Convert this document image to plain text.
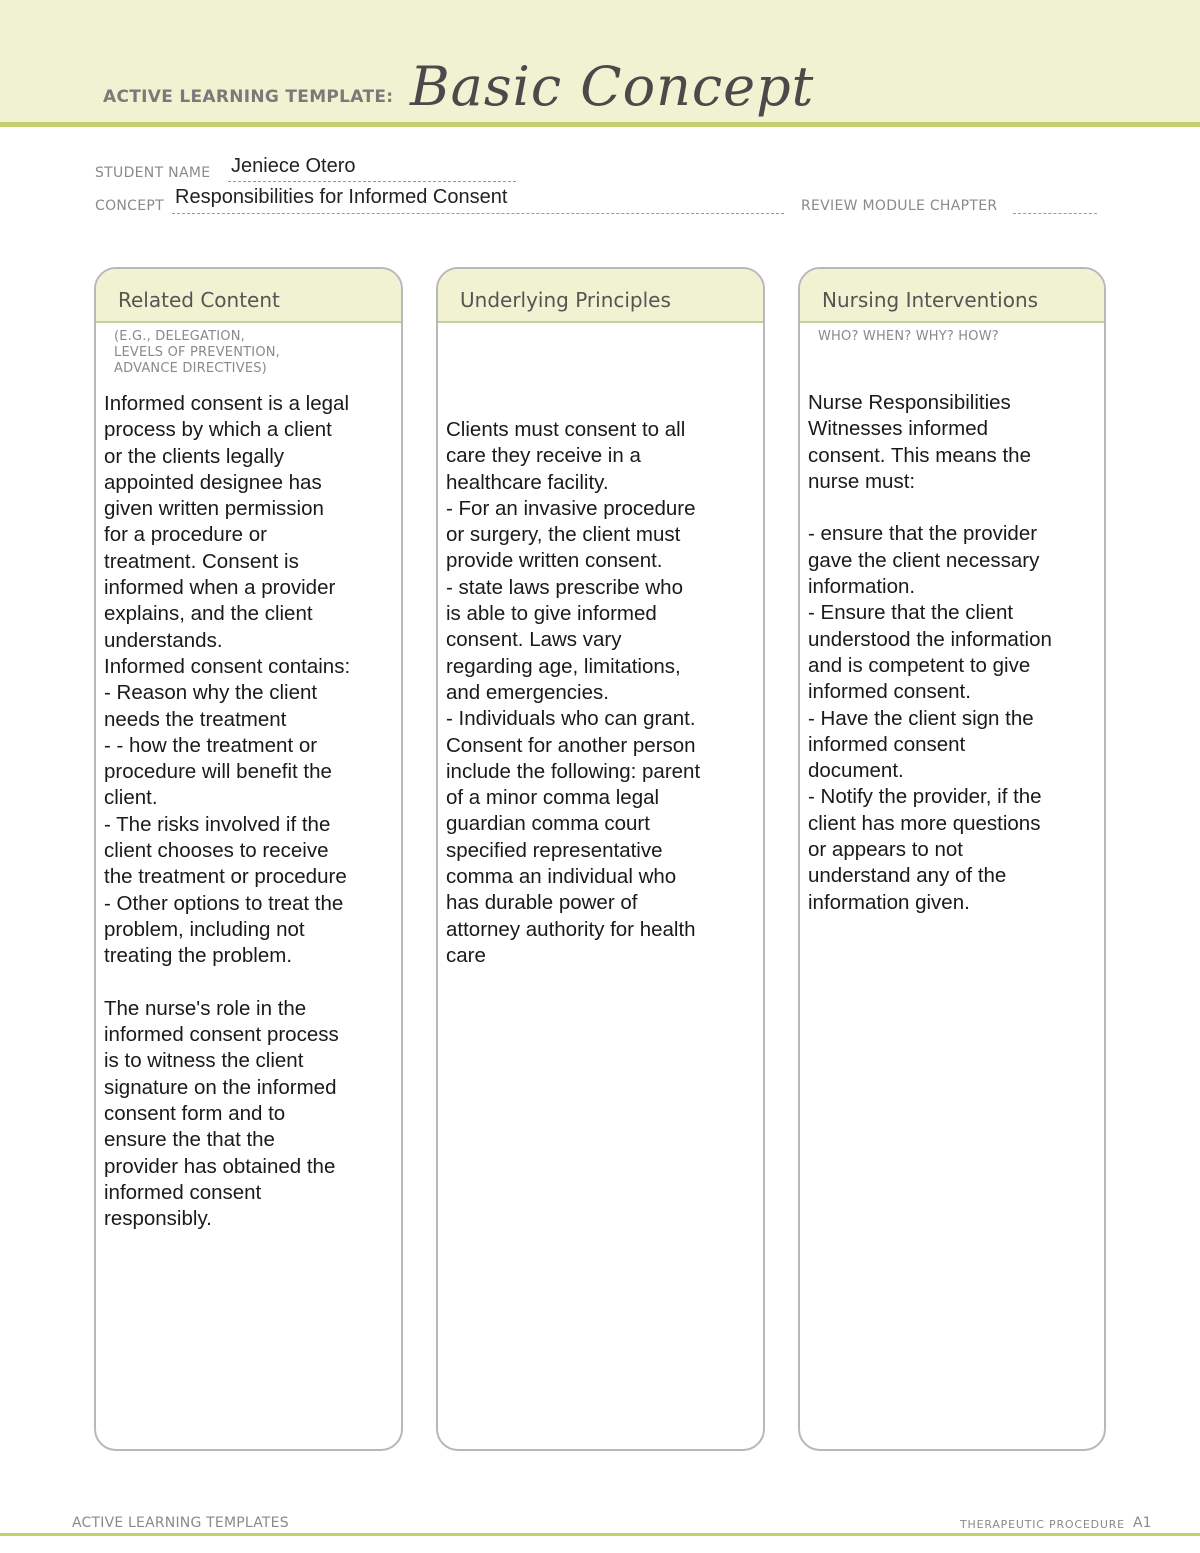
ACTIVE LEARNING TEMPLATE: Basic Concept
STUDENT NAME Jeniece Otero
CONCEPT Responsibilities for Informed Consent	REVIEW MODULE CHAPTER
Related Content
(E.G., DELEGATION,
LEVELS OF PREVENTION,
ADVANCE DIRECTIVES)
Informed consent is a legal
process by which a client
or the clients legally
appointed designee has
given written permission
for a procedure or
treatment. Consent is
informed when a provider
explains, and the client
understands.
Informed consent contains:
- Reason why the client
needs the treatment
- - how the treatment or
procedure will benefit the
client.
- The risks involved if the
client chooses to receive
the treatment or procedure
- Other options to treat the
problem, including not
treating the problem.

The nurse's role in the
informed consent process
is to witness the client
signature on the informed
consent form and to
ensure the that the
provider has obtained the
informed consent
responsibly.
Underlying Principles
Clients must consent to all
care they receive in a
healthcare facility.
- For an invasive procedure
or surgery, the client must
provide written consent.
- state laws prescribe who
is able to give informed
consent. Laws vary
regarding age, limitations,
and emergencies.
- Individuals who can grant.
Consent for another person
include the following: parent
of a minor comma legal
guardian comma court
specified representative
comma an individual who
has durable power of
attorney authority for health
care
Nursing Interventions
WHO? WHEN? WHY? HOW?
Nurse Responsibilities
Witnesses informed
consent. This means the
nurse must:

- ensure that the provider
gave the client necessary
information.
- Ensure that the client
understood the information
and is competent to give
informed consent.
- Have the client sign the
informed consent
document.
- Notify the provider, if the
client has more questions
or appears to not
understand any of the
information given.
ACTIVE LEARNING TEMPLATES	THERAPEUTIC PROCEDURE A1
